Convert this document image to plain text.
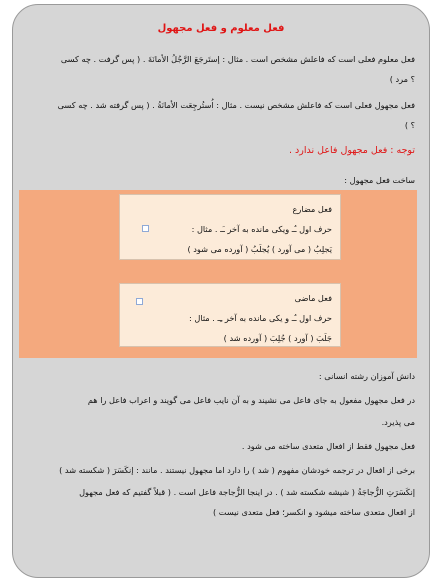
فعل معلوم و فعل مجهول
فعل معلوم فعلی است که فاعلش مشخص است . مثال : إستَرجَعَ الرَّجُلُ الأمانَةَ . ( پس گرفت . چه کسی
؟ مرد )
فعل مجهول فعلی است که فاعلش مشخص نیست . مثال : اُستُرجِعَت الأمانَةُ . ( پس گرفته شد . چه کسی
؟ )
توجه : فعل مجهول فاعل ندارد .
ساخت فعل مجهول :
فعل مضارع
حرف اول ـُـ ویکی مانده به آخر ـَـ . مثال :
يَجلِبُ ( می آورد ) يُجلَبُ ( آورده می شود )
فعل ماضی
حرف اول ـُـ و یکی مانده به آخر ـِـ . مثال :
جَلَبَ ( آورد ) جُلِبَ ( آورده شد )
دانش آموزان رشته انسانی :
در فعل مجهول مفعول به جای فاعل می نشیند و به آن نایب فاعل می گویند و اعراب فاعل را هم
می پذیرد.
فعل مجهول فقط از افعال متعدی ساخته می شود .
برخی از افعال در ترجمه خودشان مفهوم ( شد ) را دارد اما مجهول نیستند . مانند : إنكَسَرَ ( شکسته شد )
إنكَسَرَتِ الزُّجاجَةُ ( شیشه شکسته شد ) . در اینجا الزُّجاجة فاعل است . ( قبلاً گفتیم که فعل مجهول
از افعال متعدی ساخته میشود و انکسر؛ فعل متعدی نیست )
